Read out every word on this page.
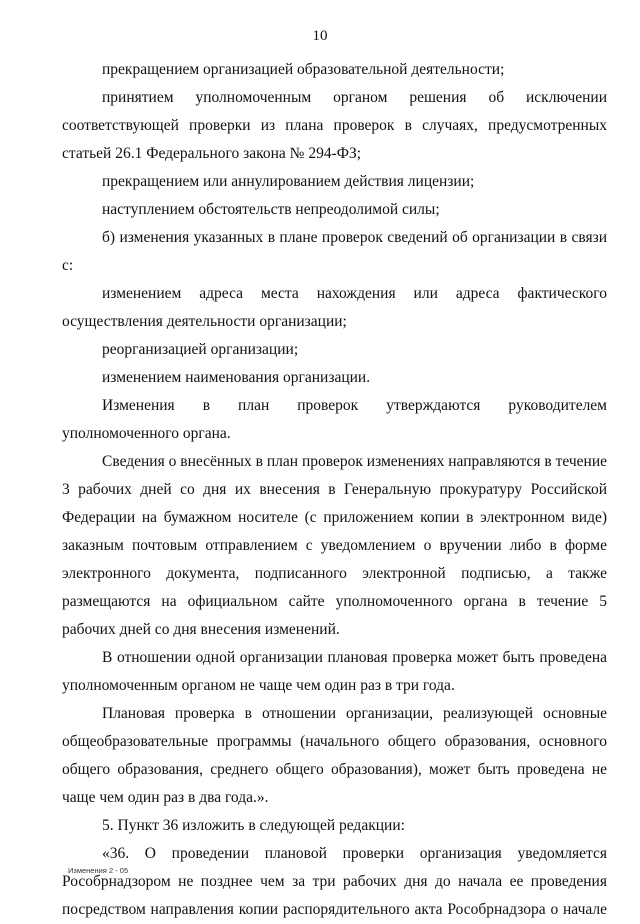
10

прекращением организацией образовательной деятельности;

принятием уполномоченным органом решения об исключении соответствующей проверки из плана проверок в случаях, предусмотренных статьей 26.1 Федерального закона № 294-ФЗ;

прекращением или аннулированием действия лицензии;

наступлением обстоятельств непреодолимой силы;

б) изменения указанных в плане проверок сведений об организации в связи с:

изменением адреса места нахождения или адреса фактического осуществления деятельности организации;

реорганизацией организации;

изменением наименования организации.

Изменения в план проверок утверждаются руководителем уполномоченного органа.

Сведения о внесённых в план проверок изменениях направляются в течение 3 рабочих дней со дня их внесения в Генеральную прокуратуру Российской Федерации на бумажном носителе (с приложением копии в электронном виде) заказным почтовым отправлением с уведомлением о вручении либо в форме электронного документа, подписанного электронной подписью, а также размещаются на официальном сайте уполномоченного органа в течение 5 рабочих дней со дня внесения изменений.

В отношении одной организации плановая проверка может быть проведена уполномоченным органом не чаще чем один раз в три года.

Плановая проверка в отношении организации, реализующей основные общеобразовательные программы (начального общего образования, основного общего образования, среднего общего образования), может быть проведена не чаще чем один раз в два года.».

5. Пункт 36 изложить в следующей редакции:

«36. О проведении плановой проверки организация уведомляется Рособрнадзором не позднее чем за три рабочих дня до начала ее проведения посредством направления копии распорядительного акта Рособрнадзора о начале

Изменения 2 - 05
